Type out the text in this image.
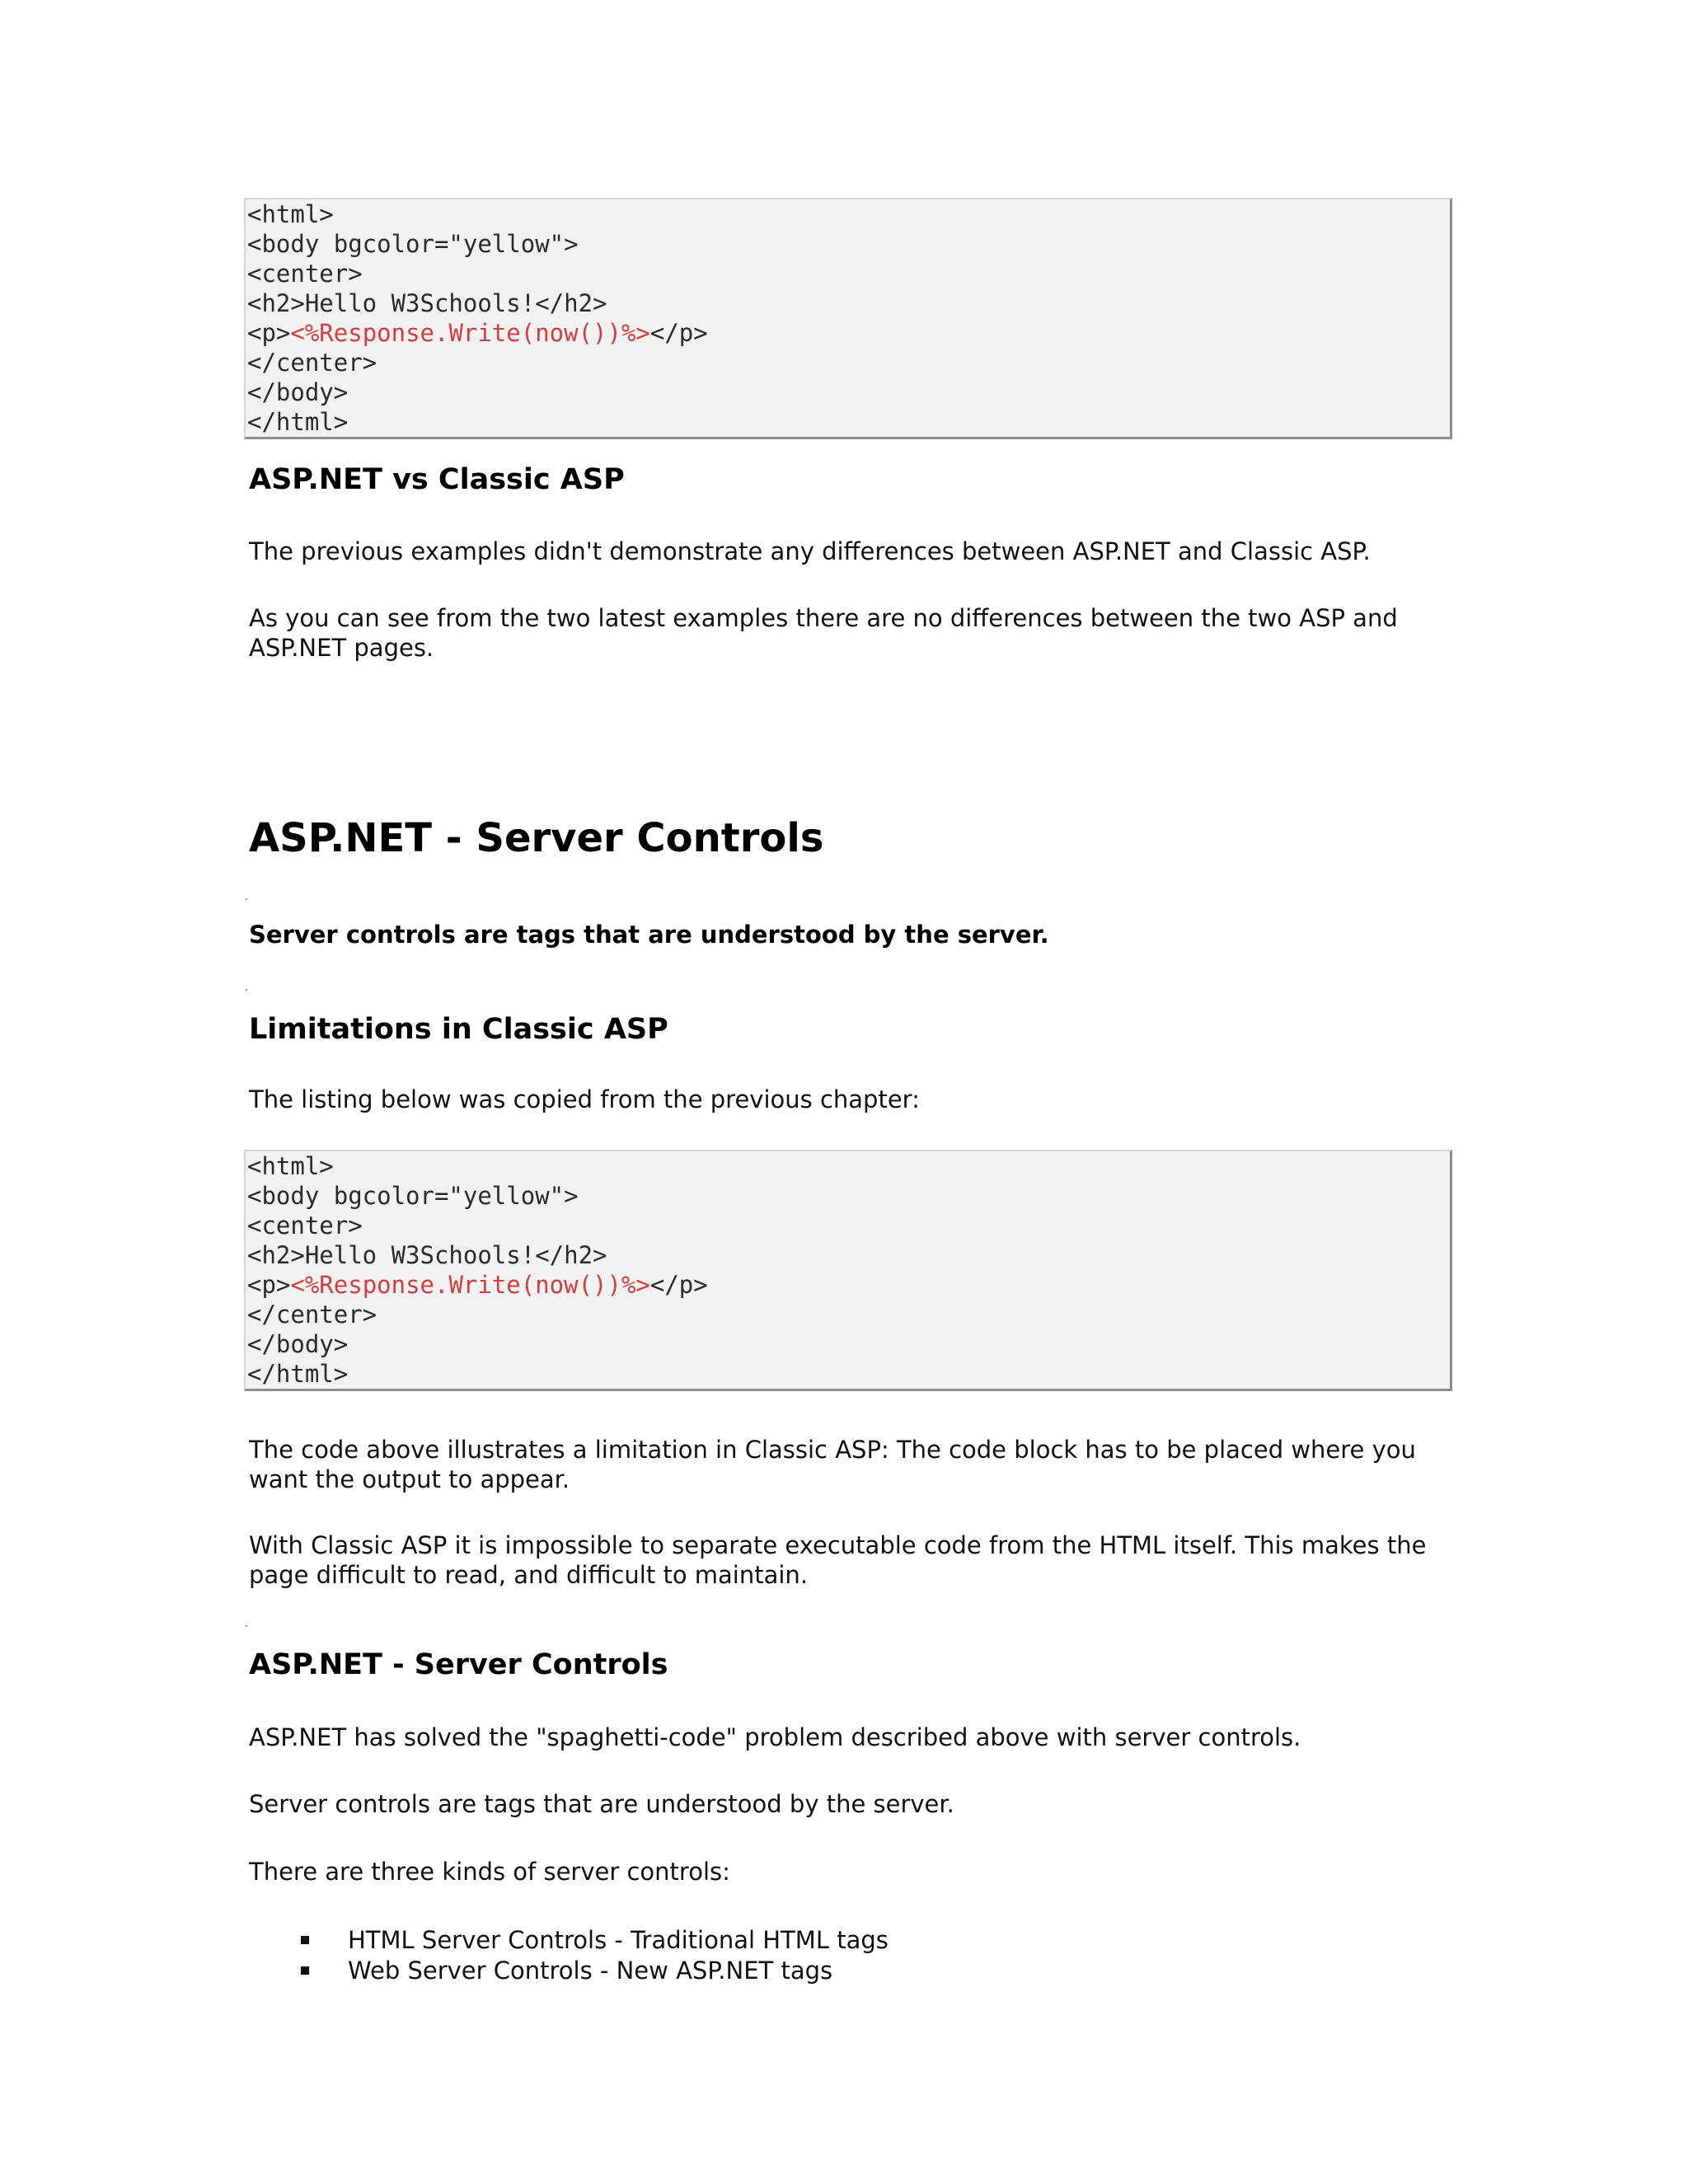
<html>
<body bgcolor="yellow">
<center>
<h2>Hello W3Schools!</h2>
<p><%Response.Write(now())%></p>
</center>
</body>
</html>
ASP.NET vs Classic ASP

The previous examples didn't demonstrate any differences between ASP.NET and Classic ASP.

As you can see from the two latest examples there are no differences between the two ASP and ASP.NET pages.

ASP.NET - Server Controls

Server controls are tags that are understood by the server.

Limitations in Classic ASP

The listing below was copied from the previous chapter:

<html>
<body bgcolor="yellow">
<center>
<h2>Hello W3Schools!</h2>
<p><%Response.Write(now())%></p>
</center>
</body>
</html>

The code above illustrates a limitation in Classic ASP: The code block has to be placed where you want the output to appear.

With Classic ASP it is impossible to separate executable code from the HTML itself. This makes the page difficult to read, and difficult to maintain.

ASP.NET - Server Controls

ASP.NET has solved the "spaghetti-code" problem described above with server controls.

Server controls are tags that are understood by the server.

There are three kinds of server controls:

HTML Server Controls - Traditional HTML tags
Web Server Controls - New ASP.NET tags
